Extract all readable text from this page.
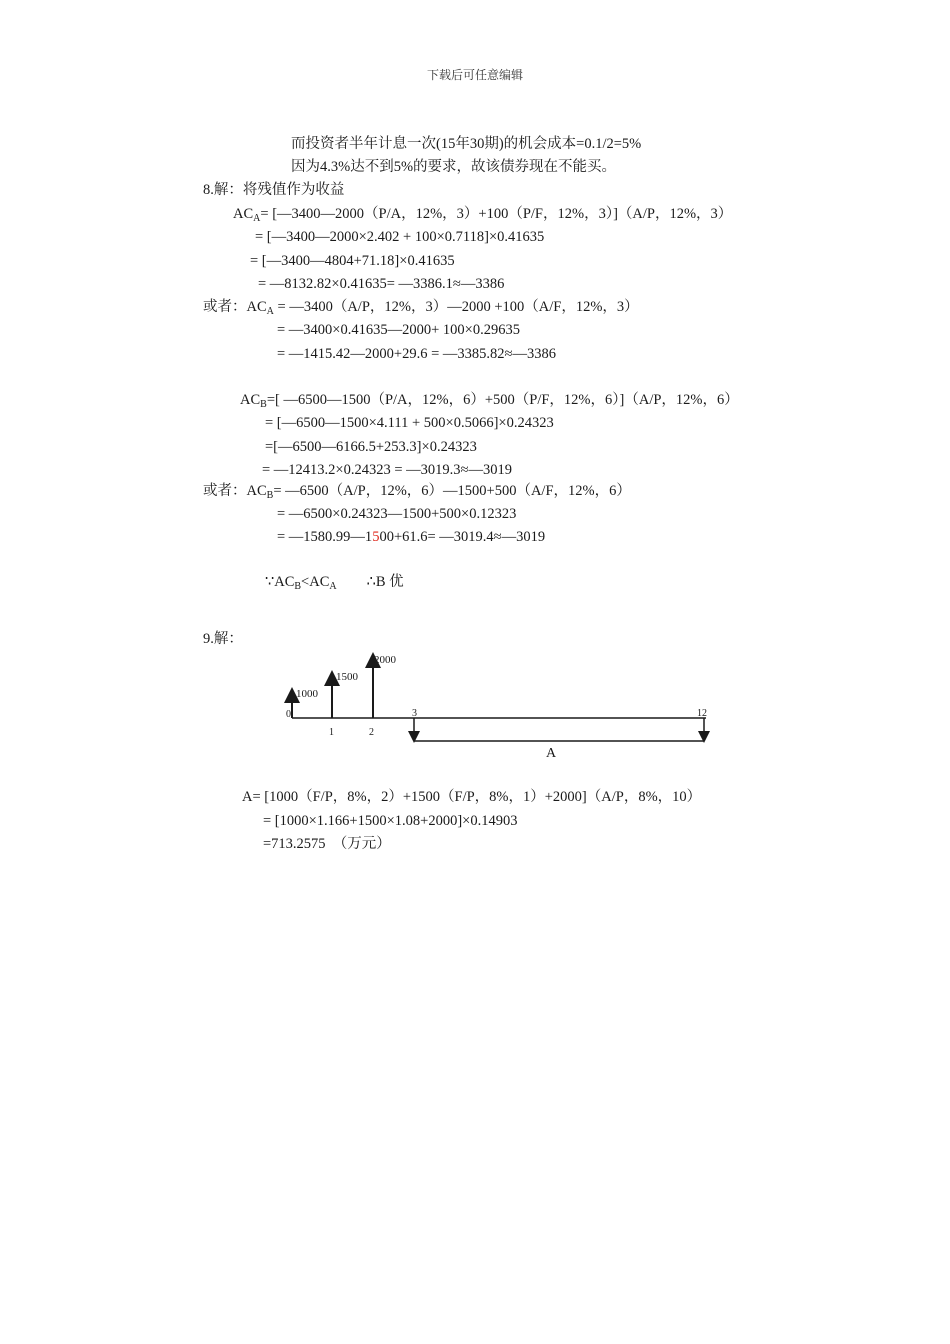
下载后可任意编辑
而投资者半年计息一次(15年30期)的机会成本=0.1/2=5%
因为4.3%达不到5%的要求，故该债券现在不能买。
8.解：将残值作为收益
$AC_A=$ [—3400—2000（P/A，12%，3）+100（P/F，12%，3）]（A/P，12%，3）
= [—3400—2000×2.402 + 100×0.7118]×0.41635
= [—3400—4804+71.18]×0.41635
= —8132.82×0.41635= —3386.1≈—3386
或者：$AC_A$ = —3400（A/P，12%，3）—2000 +100（A/F，12%，3）
= —3400×0.41635—2000+ 100×0.29635
= —1415.42—2000+29.6 = —3385.82≈—3386
$AC_B=$[ —6500—1500（P/A，12%，6）+500（P/F，12%，6）]（A/P，12%，6）
= [—6500—1500×4.111 + 500×0.5066]×0.24323
=[—6500—6166.5+253.3]×0.24323
= —12413.2×0.24323 = —3019.3≈—3019
或者：$AC_B=$ —6500（A/P，12%，6）—1500+500（A/F，12%，6）
= —6500×0.24323—1500+500×0.12323
= —1580.99—1500+61.6= —3019.4≈—3019
$\because AC_B<AC_A$ ∴B 优
9.解：
1000
1500
2000
0
1	2
3	12
A
A= [1000（F/P，8%，2）+1500（F/P，8%，1）+2000]（A/P，8%，10）
= [1000×1.166+1500×1.08+2000]×0.14903
=713.2575　（万元）
